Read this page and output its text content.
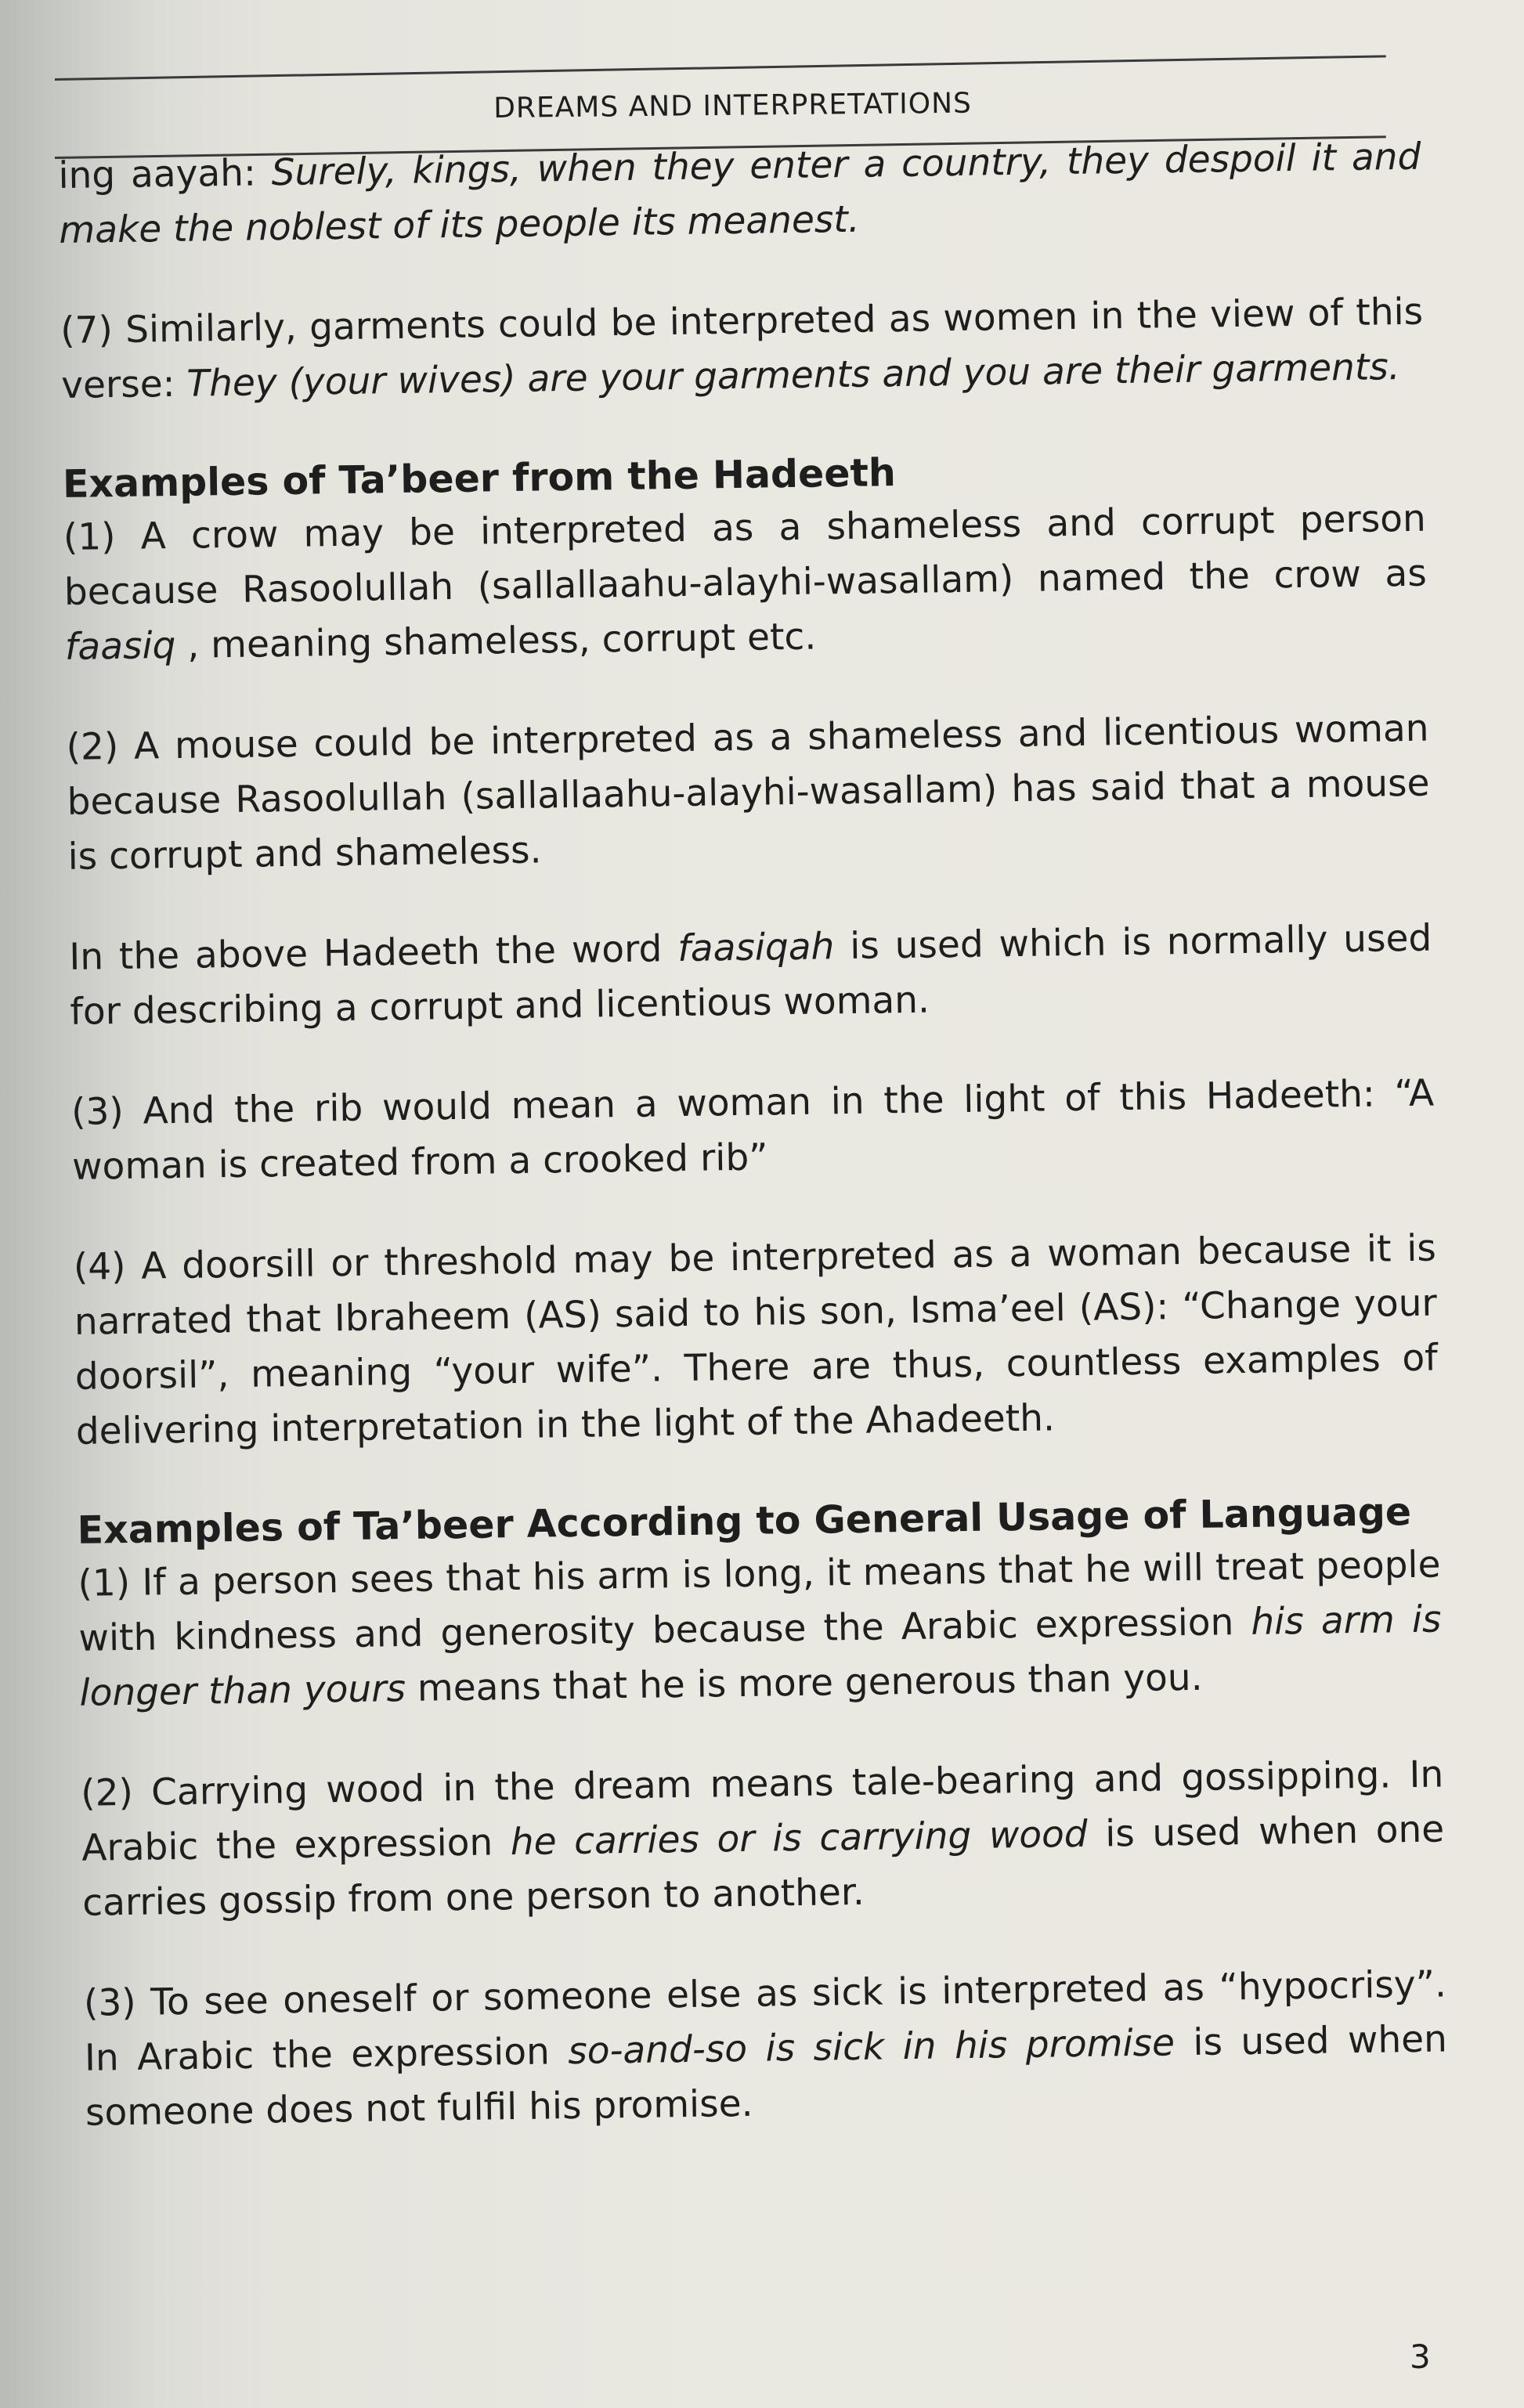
DREAMS AND INTERPRETATIONS

ing aayah: Surely, kings, when they enter a country, they despoil it and make the noblest of its people its meanest.

(7) Similarly, garments could be interpreted as women in the view of this verse: They (your wives) are your garments and you are their garments.

Examples of Ta’beer from the Hadeeth

(1) A crow may be interpreted as a shameless and corrupt person because Rasoolullah (sallallaahu-alayhi-wasallam) named the crow as faasiq , meaning shameless, corrupt etc.

(2) A mouse could be interpreted as a shameless and licentious woman because Rasoolullah (sallallaahu-alayhi-wasallam) has said that a mouse is corrupt and shameless.

In the above Hadeeth the word faasiqah is used which is normally used for describing a corrupt and licentious woman.

(3) And the rib would mean a woman in the light of this Hadeeth: “A woman is created from a crooked rib”

(4) A doorsill or threshold may be interpreted as a woman because it is narrated that Ibraheem (AS) said to his son, Isma’eel (AS): “Change your doorsil”, meaning “your wife”. There are thus, countless examples of delivering interpretation in the light of the Ahadeeth.

Examples of Ta’beer According to General Usage of Language

(1) If a person sees that his arm is long, it means that he will treat people with kindness and generosity because the Arabic expression his arm is longer than yours means that he is more generous than you.

(2) Carrying wood in the dream means tale-bearing and gossipping. In Arabic the expression he carries or is carrying wood is used when one carries gossip from one person to another.

(3) To see oneself or someone else as sick is interpreted as “hypocrisy”. In Arabic the expression so-and-so is sick in his promise is used when someone does not fulfil his promise.

3
